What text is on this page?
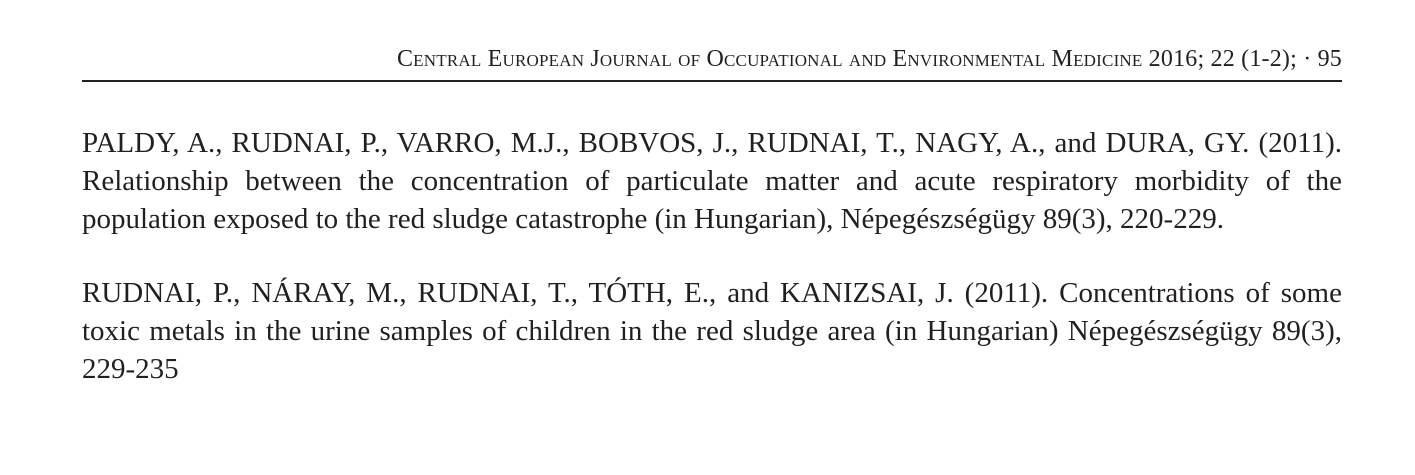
Central European Journal of Occupational and Environmental Medicine 2016; 22 (1-2); · 95

PALDY, A., RUDNAI, P., VARRO, M.J., BOBVOS, J., RUDNAI, T., NAGY, A., and DURA, GY. (2011). Relationship between the concentration of particulate matter and acute respiratory morbidity of the population exposed to the red sludge catastrophe (in Hungarian), Népegészségügy 89(3), 220-229.

RUDNAI, P., NÁRAY, M., RUDNAI, T., TÓTH, E., and KANIZSAI, J. (2011). Concentrations of some toxic metals in the urine samples of children in the red sludge area (in Hungarian) Népegészségügy 89(3), 229-235
